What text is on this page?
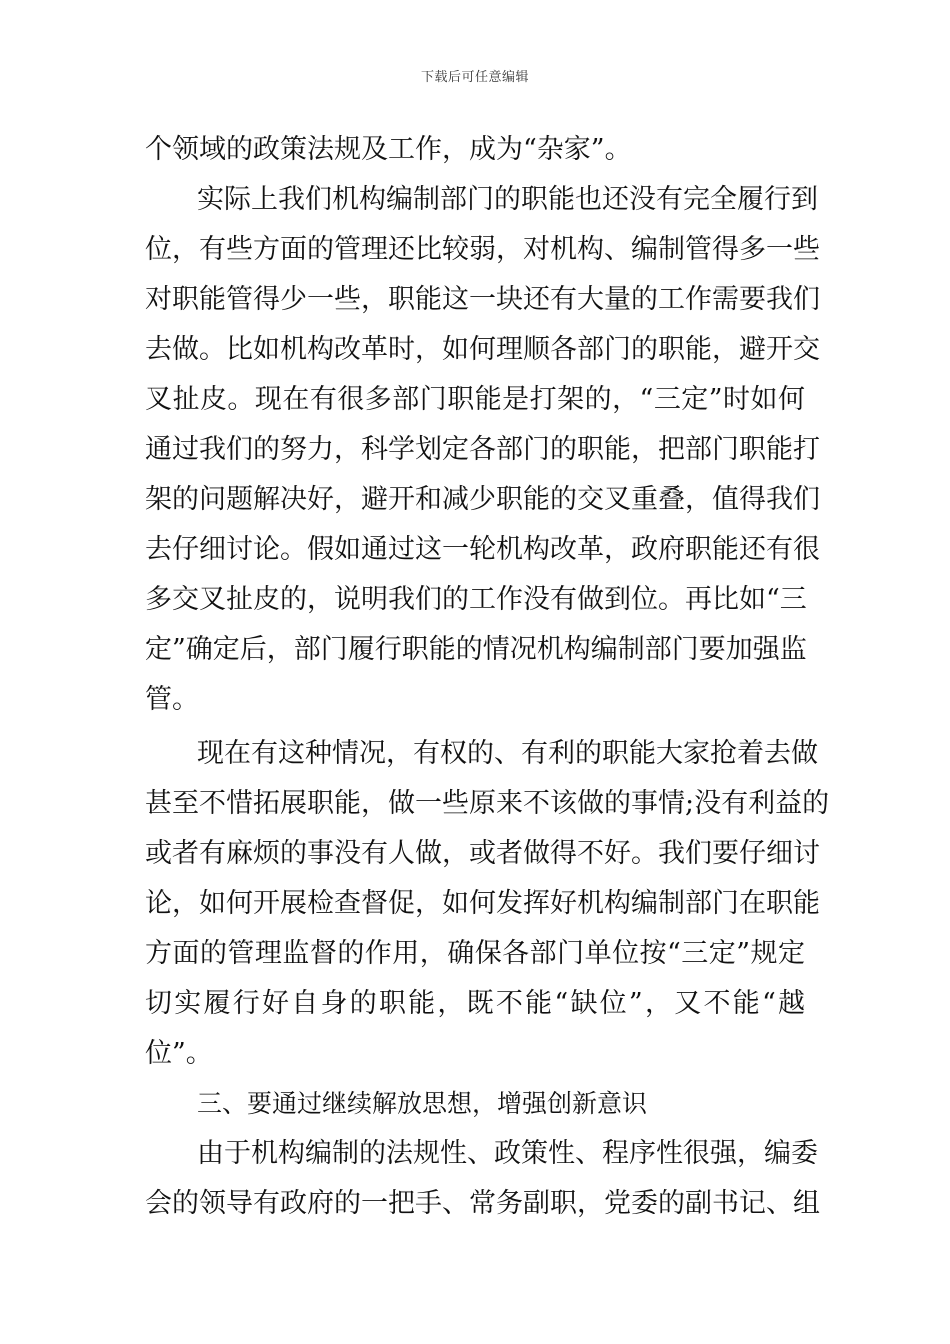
下载后可任意编辑
个领域的政策法规及工作，成为“杂家”。
实际上我们机构编制部门的职能也还没有完全履行到
位，有些方面的管理还比较弱，对机构、编制管得多一些
对职能管得少一些，职能这一块还有大量的工作需要我们
去做。比如机构改革时，如何理顺各部门的职能，避开交
叉扯皮。现在有很多部门职能是打架的，“三定”时如何
通过我们的努力，科学划定各部门的职能，把部门职能打
架的问题解决好，避开和减少职能的交叉重叠，值得我们
去仔细讨论。假如通过这一轮机构改革，政府职能还有很
多交叉扯皮的，说明我们的工作没有做到位。再比如“三
定”确定后，部门履行职能的情况机构编制部门要加强监
管。
现在有这种情况，有权的、有利的职能大家抢着去做
甚至不惜拓展职能，做一些原来不该做的事情;没有利益的
或者有麻烦的事没有人做，或者做得不好。我们要仔细讨
论，如何开展检查督促，如何发挥好机构编制部门在职能
方面的管理监督的作用，确保各部门单位按“三定”规定
切实履行好自身的职能，既不能“缺位”，又不能“越
位”。
三、要通过继续解放思想，增强创新意识
由于机构编制的法规性、政策性、程序性很强，编委
会的领导有政府的一把手、常务副职，党委的副书记、组
